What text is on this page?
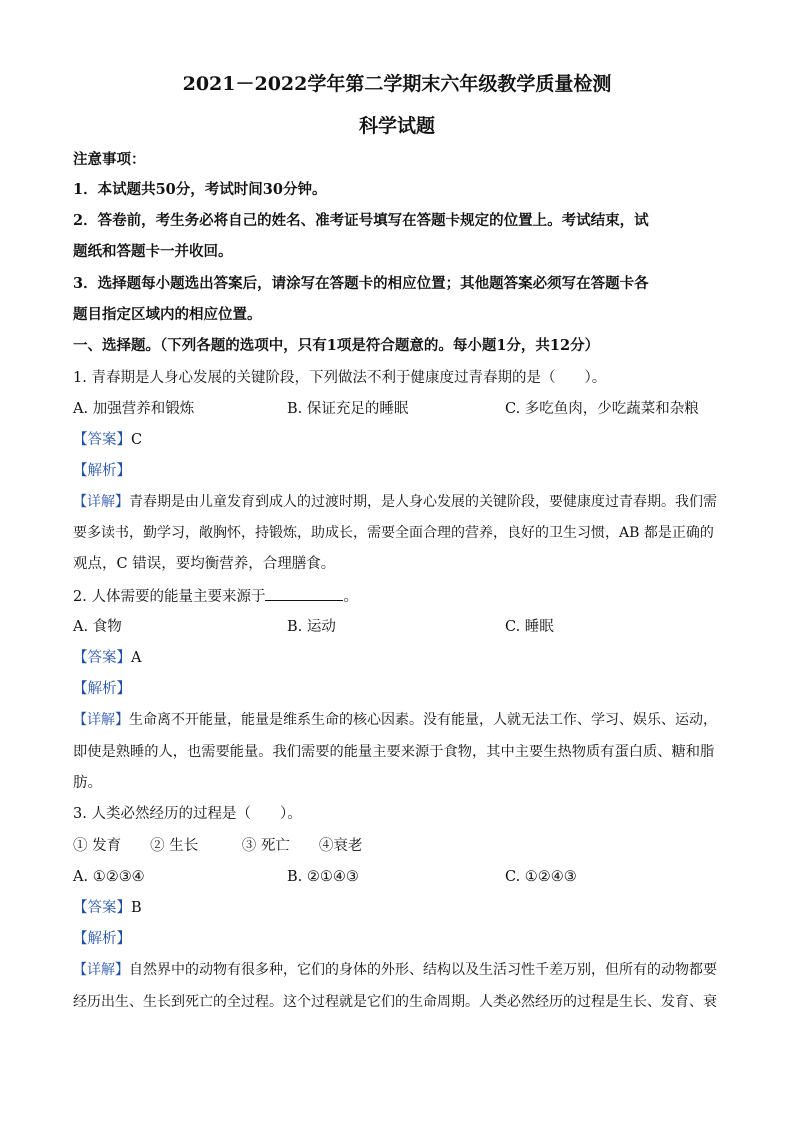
2021－2022学年第二学期末六年级教学质量检测
科学试题
注意事项：
1．本试题共50分，考试时间30分钟。
2．答卷前，考生务必将自己的姓名、准考证号填写在答题卡规定的位置上。考试结束，试
题纸和答题卡一并收回。
3．选择题每小题选出答案后，请涂写在答题卡的相应位置；其他题答案必须写在答题卡各
题目指定区域内的相应位置。
一、选择题。（下列各题的选项中，只有1项是符合题意的。每小题1分，共12分）
1. 青春期是人身心发展的关键阶段，下列做法不利于健康度过青春期的是（　　）。
A. 加强营养和锻炼	B. 保证充足的睡眠	C. 多吃鱼肉，少吃蔬菜和杂粮
【答案】C
【解析】
【详解】青春期是由儿童发育到成人的过渡时期，是人身心发展的关键阶段，要健康度过青春期。我们需
要多读书，勤学习，敞胸怀，持锻炼，助成长，需要全面合理的营养，良好的卫生习惯，AB 都是正确的
观点，C 错误，要均衡营养，合理膳食。
2. 人体需要的能量主要来源于	。
A. 食物	B. 运动	C. 睡眠
【答案】A
【解析】
【详解】生命离不开能量，能量是维系生命的核心因素。没有能量，人就无法工作、学习、娱乐、运动，
即使是熟睡的人，也需要能量。我们需要的能量主要来源于食物，其中主要生热物质有蛋白质、糖和脂
肪。
3. 人类必然经历的过程是（　　）。
① 发育　　② 生长　　　③ 死亡　　④衰老
A. ①②③④	B. ②①④③	C. ①②④③
【答案】B
【解析】
【详解】自然界中的动物有很多种，它们的身体的外形、结构以及生活习性千差万别，但所有的动物都要
经历出生、生长到死亡的全过程。这个过程就是它们的生命周期。人类必然经历的过程是生长、发育、衰
